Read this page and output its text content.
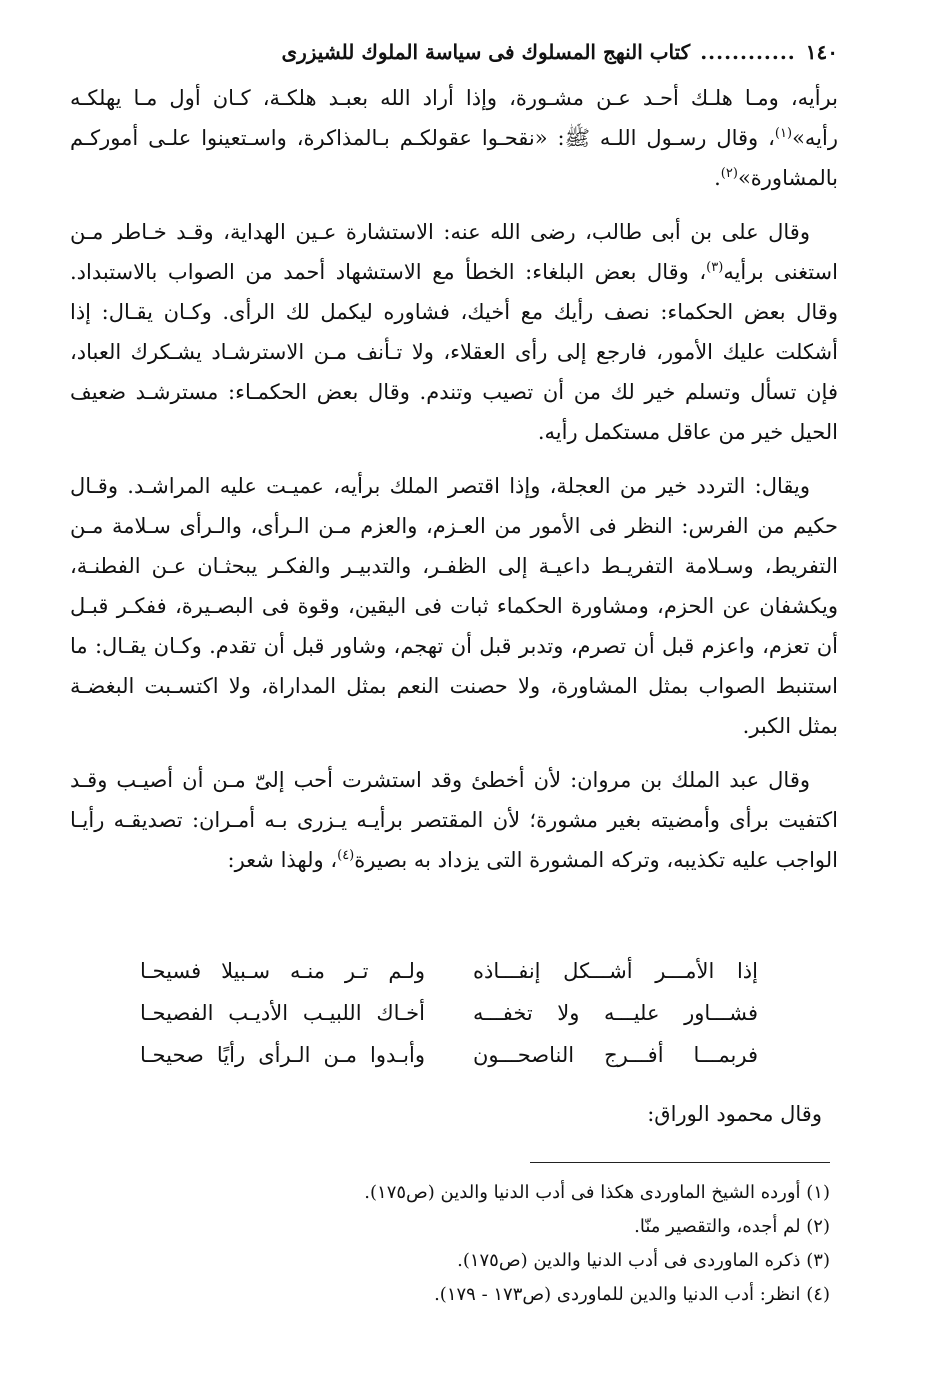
١٤٠
............
كتاب النهج المسلوك فى سياسة الملوك للشيزرى

برأيه، ومـا هلـك أحـد عـن مشـورة، وإذا أراد الله بعبـد هلكـة، كـان أول مـا يهلكـه رأيه»$^{(١)}$، وقال رسـول اللـه ﷺ: «نقحـوا عقولكـم بـالمذاكرة، واسـتعينوا علـى أموركـم بالمشاورة»$^{(٢)}$.

وقال على بن أبى طالب، رضى الله عنه: الاستشارة عـين الهداية، وقـد خـاطر مـن استغنى برأيه$^{(٣)}$، وقال بعض البلغاء: الخطأ مع الاستشهاد أحمد من الصواب بالاستبداد. وقال بعض الحكماء: نصف رأيك مع أخيك، فشاوره ليكمل لك الرأى. وكـان يقـال: إذا أشكلت عليك الأمور، فارجع إلى رأى العقلاء، ولا تـأنف مـن الاسترشـاد يشـكرك العباد، فإن تسأل وتسلم خير لك من أن تصيب وتندم. وقال بعض الحكمـاء: مسترشـد ضعيف الحيل خير من عاقل مستكمل رأيه.

ويقال: التردد خير من العجلة، وإذا اقتصر الملك برأيه، عميـت عليه المراشـد. وقـال حكيم من الفرس: النظر فى الأمور من العـزم، والعزم مـن الـرأى، والـرأى سـلامة مـن التفريط، وسـلامة التفريـط داعيـة إلى الظفـر، والتدبيـر والفكـر يبحثـان عـن الفطنـة، ويكشفان عن الحزم، ومشاورة الحكماء ثبات فى اليقين، وقوة فى البصـيرة، ففكـر قبـل أن تعزم، واعزم قبل أن تصرم، وتدبر قبل أن تهجم، وشاور قبل أن تقدم. وكـان يقـال: ما استنبط الصواب بمثل المشاورة، ولا حصنت النعم بمثل المداراة، ولا اكتسـبت البغضـة بمثل الكبر.

وقال عبد الملك بن مروان: لأن أخطئ وقد استشرت أحب إلىّ مـن أن أصيـب وقـد اكتفيت برأى وأمضيته بغير مشورة؛ لأن المقتصر برأيـه يـزرى بـه أمـران: تصديقـه رأيـا الواجب عليه تكذيبه، وتركه المشورة التى يزداد به بصيرة$^{(٤)}$، ولهذا شعر:

إذا الأمـــر أشـــكل إنفـــاذه
ولـم تـر منـه سـبيلا فسيحـا
فشـــاور عليـــه ولا تخفـــه
أخـاك اللبيـب الأديـب الفصيحـا
فربمـــا أفـــرج الناصحـــون
وأبـدوا مـن الـرأى رأيًا صحيحـا
وقال محمود الوراق:

(١) أورده الشيخ الماوردى هكذا فى أدب الدنيا والدين (ص١٧٥).

(٢) لم أجده، والتقصير منّا.

(٣) ذكره الماوردى فى أدب الدنيا والدين (ص١٧٥).

(٤) انظر: أدب الدنيا والدين للماوردى (ص١٧٣ - ١٧٩).
